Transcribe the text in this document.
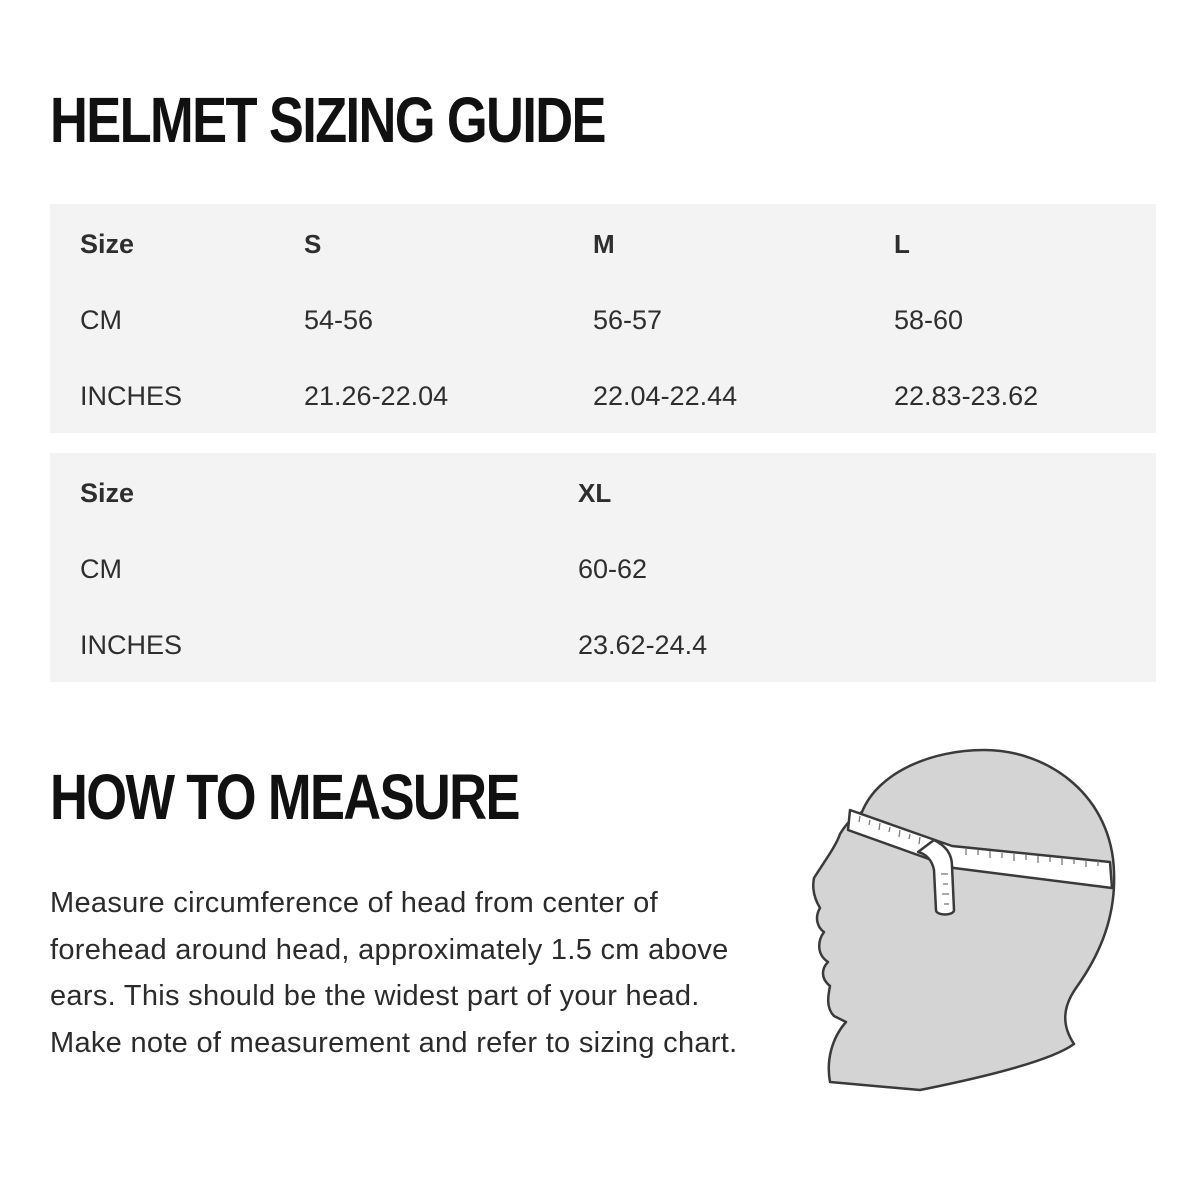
HELMET SIZING GUIDE
Size
CM
INCHES
S
54-56
21.26-22.04
M
56-57
22.04-22.44
L
58-60
22.83-23.62
Size
CM
INCHES
XL
60-62
23.62-24.4
HOW TO MEASURE

Measure circumference of head from center of forehead around head, approximately 1.5 cm above ears. This should be the widest part of your head. Make note of measurement and refer to sizing chart.
